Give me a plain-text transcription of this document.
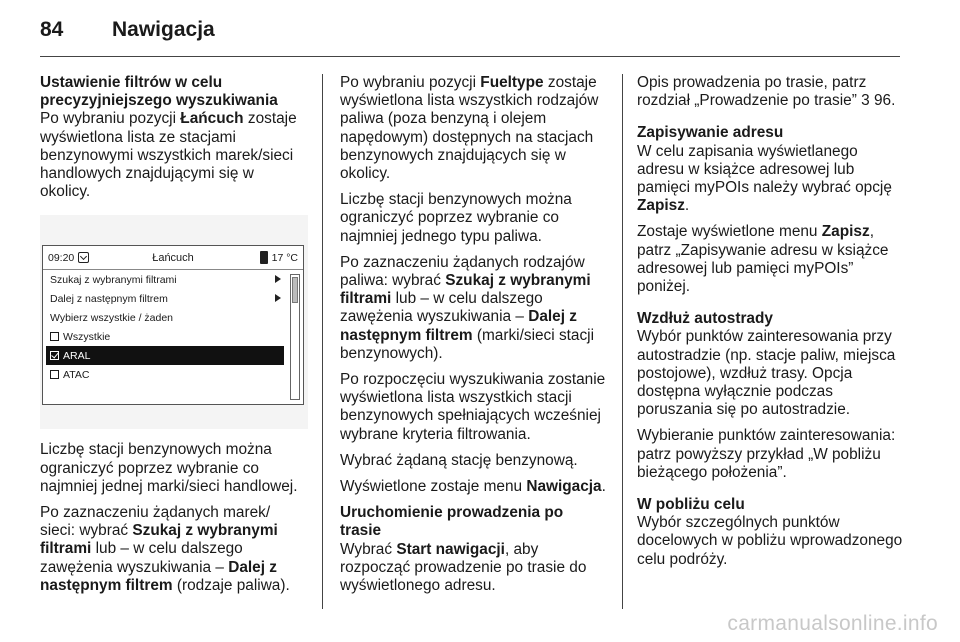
84	Nawigacja
Ustawienie filtrów w celu precyzyjniejszego wyszukiwania
Po wybraniu pozycji Łańcuch zostaje wyświetlona lista ze stacjami benzynowymi wszystkich marek/sieci handlowych znajdującymi się w okolicy.
09:20	Łańcuch	17 °C
Szukaj z wybranymi filtrami
Dalej z następnym filtrem
Wybierz wszystkie / żaden
Wszystkie
ARAL
ATAC
Liczbę stacji benzynowych można ograniczyć poprzez wybranie co najmniej jednej marki/sieci handlowej.
Po zaznaczeniu żądanych marek/ sieci: wybrać Szukaj z wybranymi filtrami lub – w celu dalszego zawężenia wyszukiwania – Dalej z następnym filtrem (rodzaje paliwa).
Po wybraniu pozycji Fueltype zostaje wyświetlona lista wszystkich rodzajów paliwa (poza benzyną i olejem napędowym) dostępnych na stacjach benzynowych znajdujących się w okolicy.
Liczbę stacji benzynowych można ograniczyć poprzez wybranie co najmniej jednego typu paliwa.
Po zaznaczeniu żądanych rodzajów paliwa: wybrać Szukaj z wybranymi filtrami lub – w celu dalszego zawężenia wyszukiwania – Dalej z następnym filtrem (marki/sieci stacji benzynowych).
Po rozpoczęciu wyszukiwania zostanie wyświetlona lista wszystkich stacji benzynowych spełniających wcześniej wybrane kryteria filtrowania.
Wybrać żądaną stację benzynową.
Wyświetlone zostaje menu Nawigacja.
Uruchomienie prowadzenia po trasie
Wybrać Start nawigacji, aby rozpocząć prowadzenie po trasie do wyświetlonego adresu.
Opis prowadzenia po trasie, patrz rozdział „Prowadzenie po trasie” 3 96.
Zapisywanie adresu
W celu zapisania wyświetlanego adresu w książce adresowej lub pamięci myPOIs należy wybrać opcję Zapisz.
Zostaje wyświetlone menu Zapisz, patrz „Zapisywanie adresu w książce adresowej lub pamięci myPOIs” poniżej.
Wzdłuż autostrady
Wybór punktów zainteresowania przy autostradzie (np. stacje paliw, miejsca postojowe), wzdłuż trasy. Opcja dostępna wyłącznie podczas poruszania się po autostradzie.
Wybieranie punktów zainteresowania: patrz powyższy przykład „W pobliżu bieżącego położenia”.
W pobliżu celu
Wybór szczególnych punktów docelowych w pobliżu wprowadzonego celu podróży.
carmanualsonline.info
